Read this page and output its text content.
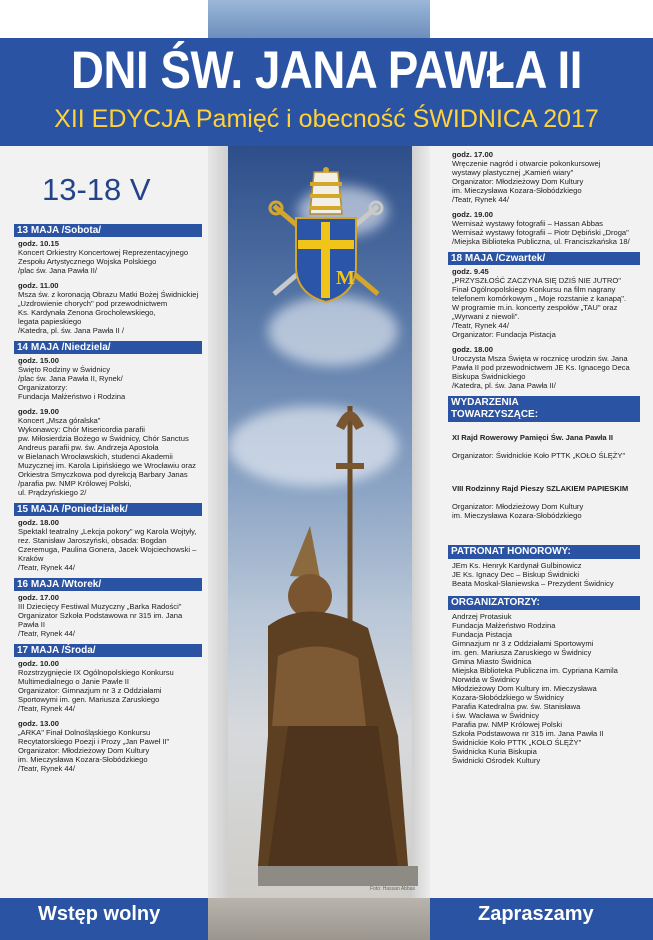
DNI ŚW. JANA PAWŁA II
XII EDYCJA Pamięć i obecność ŚWIDNICA 2017
M
13-18 V
13 MAJA /Sobota/
godz. 10.15

Koncert Orkiestry Koncertowej Reprezentacyjnego
Zespołu Artystycznego Wojska Polskiego
/plac św. Jana Pawła II/

godz. 11.00

Msza św. z koronacją Obrazu Matki Bożej Świdnickiej
„Uzdrowienie chorych" pod przewodnictwem
Ks. Kardynała Zenona Grocholewskiego,
legata papieskiego
/Katedra, pl. św. Jana Pawła II /

14 MAJA /Niedziela/
godz. 15.00

Święto Rodziny w Świdnicy
/plac św. Jana Pawła II, Rynek/
Organizatorzy:
Fundacja Małżeństwo i Rodzina

godz. 19.00

Koncert „Msza góralska"
Wykonawcy: Chór Misericordia parafii
pw. Miłosierdzia Bożego w Świdnicy, Chór Sanctus
Andreus parafii pw. św. Andrzeja Apostoła
w Bielanach Wrocławskich, studenci Akademii
Muzycznej im. Karola Lipińskiego we Wrocławiu oraz
Orkiestra Smyczkowa pod dyrekcją Barbary Janas
/parafia pw. NMP Królowej Polski,
ul. Prądzyńskiego 2/

15 MAJA /Poniedziałek/
godz. 18.00

Spektakl teatralny „Lekcja pokory" wg Karola Wojtyły,
rez. Stanisław Jaroszyński, obsada: Bogdan
Czeremuga, Paulina Gonera, Jacek Wojciechowski –
Kraków
/Teatr, Rynek 44/

16 MAJA /Wtorek/
godz. 17.00

III Dziecięcy Festiwal Muzyczny „Barka Radości"
Organizator Szkoła Podstawowa nr 315 im. Jana
Pawła II
/Teatr, Rynek 44/

17 MAJA /Środa/
godz. 10.00

Rozstrzygnięcie IX Ogólnopolskiego Konkursu
Multimedialnego o Janie Pawle II
Organizator: Gimnazjum nr 3 z Oddziałami
Sportowymi im. gen. Mariusza Zaruskiego
/Teatr, Rynek 44/

godz. 13.00

„ARKA" Finał Dolnośląskiego Konkursu
Recytatorskiego Poezji i Prozy „Jan Paweł II"
Organizator: Młodzieżowy Dom Kultury
im. Mieczysława Kozara-Słobódzkiego
/Teatr, Rynek 44/

godz. 17.00

Wręczenie nagród i otwarcie pokonkursowej
wystawy plastycznej „Kamień wiary"
Organizator: Młodzieżowy Dom Kultury
im. Mieczysława Kozara-Słobódzkiego
/Teatr, Rynek 44/

godz. 19.00

Wernisaż wystawy fotografii – Hassan Abbas
Wernisaż wystawy fotografii – Piotr Dębiński „Droga"
/Miejska Biblioteka Publiczna, ul. Franciszkańska 18/

18 MAJA /Czwartek/
godz. 9.45

„PRZYSZŁOŚĆ ZACZYNA SIĘ DZIŚ NIE JUTRO"
Finał Ogólnopolskiego Konkursu na film nagrany
telefonem komórkowym „ Moje rozstanie z kanapą".
W programie m.in. koncerty zespołów „TAU" oraz
„Wyrwani z niewoli".
/Teatr, Rynek 44/
Organizator: Fundacja Pistacja

godz. 18.00

Uroczysta Msza Święta w rocznicę urodzin św. Jana
Pawła II pod przewodnictwem JE Ks. Ignacego Deca
Biskupa Świdnickiego
/Katedra, pl. św. Jana Pawła II/

WYDARZENIA
TOWARZYSZĄCE:

XI Rajd Rowerowy Pamięci Św. Jana Pawła II

Organizator: Świdnickie Koło PTTK „KOŁO ŚLĘŻY"

VIII Rodzinny Rajd Pieszy SZLAKIEM PAPIESKIM

Organizator: Młodzieżowy Dom Kultury
im. Mieczysława Kozara-Słobódzkiego

PATRONAT HONOROWY:
JEm Ks. Henryk Kardynał Gulbinowicz
JE Ks. Ignacy Dec – Biskup Świdnicki
Beata Moskal-Słaniewska – Prezydent Świdnicy
ORGANIZATORZY:
Andrzej Protasiuk
Fundacja Małżeństwo Rodzina
Fundacja Pistacja
Gimnazjum nr 3 z Oddziałami Sportowymi
im. gen. Mariusza Zaruskiego w Świdnicy
Gmina Miasto Świdnica
Miejska Biblioteka Publiczna im. Cypriana Kamila
Norwida w Świdnicy
Młodzieżowy Dom Kultury im. Mieczysława
Kozara-Słobódzkiego w Świdnicy
Parafia Katedralna pw. św. Stanisława
i św. Wacława w Świdnicy
Parafia pw. NMP Królowej Polski
Szkoła Podstawowa nr 315 im. Jana Pawła II
Świdnickie Koło PTTK „KOŁO ŚLĘŻY"
Świdnicka Kuria Biskupia
Świdnicki Ośrodek Kultury
Wstęp wolny	Zapraszamy
Foto: Hassan Abbas
